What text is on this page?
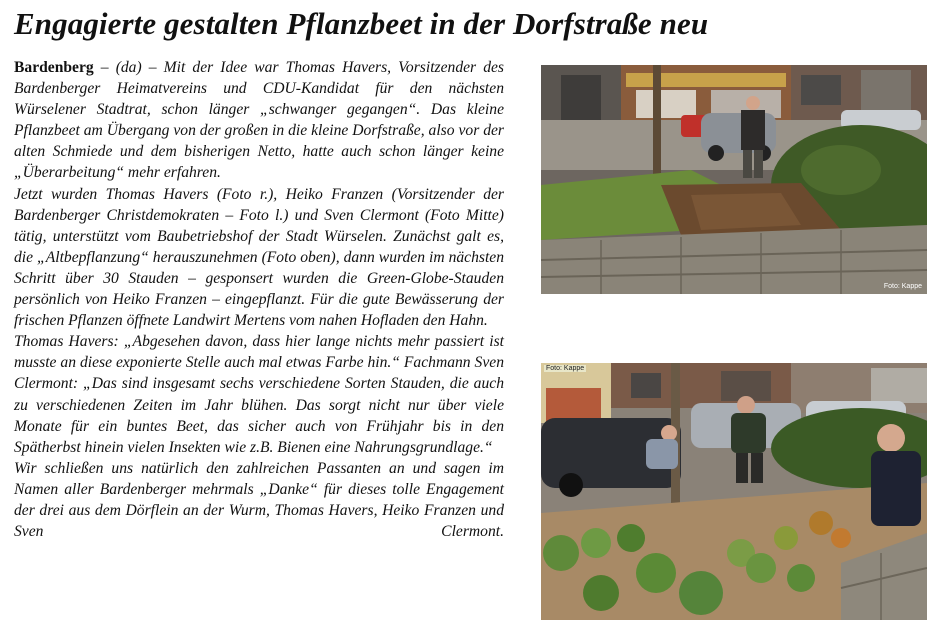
Engagierte gestalten Pflanzbeet in der Dorfstraße neu

Bardenberg – (da) – Mit der Idee war Thomas Havers, Vorsitzender des Bardenberger Heimatvereins und CDU-Kandidat für den nächsten Würselener Stadtrat, schon länger „schwanger gegangen“. Das kleine Pflanzbeet am Übergang von der großen in die kleine Dorfstraße, also vor der alten Schmiede und dem bisherigen Netto, hatte auch schon länger keine „Überarbeitung“ mehr erfahren.

Jetzt wurden Thomas Havers (Foto r.), Heiko Franzen (Vorsitzender der Bardenberger Christdemokraten – Foto l.) und Sven Clermont (Foto Mitte) tätig, unterstützt vom Baubetriebshof der Stadt Würselen. Zunächst galt es, die „Altbepflanzung“ herauszunehmen (Foto oben), dann wurden im nächsten Schritt über 30 Stauden – gesponsert wurden die Green-Globe-Stauden persönlich von Heiko Franzen – eingepflanzt. Für die gute Bewässerung der frischen Pflanzen öffnete Landwirt Mertens vom nahen Hofladen den Hahn.

Thomas Havers: „Abgesehen davon, dass hier lange nichts mehr passiert ist musste an diese exponierte Stelle auch mal etwas Farbe hin.“ Fachmann Sven Clermont: „Das sind insgesamt sechs verschiedene Sorten Stauden, die auch zu verschiedenen Zeiten im Jahr blühen. Das sorgt nicht nur über viele Monate für ein buntes Beet, das sicher auch von Frühjahr bis in den Spätherbst hinein vielen Insekten wie z.B. Bienen eine Nahrungsgrundlage.“

Wir schließen uns natürlich den zahlreichen Passanten an und sagen im Namen aller Bardenberger mehrmals „Danke“ für dieses tolle Engagement der drei aus dem Dörflein an der Wurm, Thomas Havers, Heiko Franzen und Sven Clermont.

Foto: Kappe
Foto: Kappe
